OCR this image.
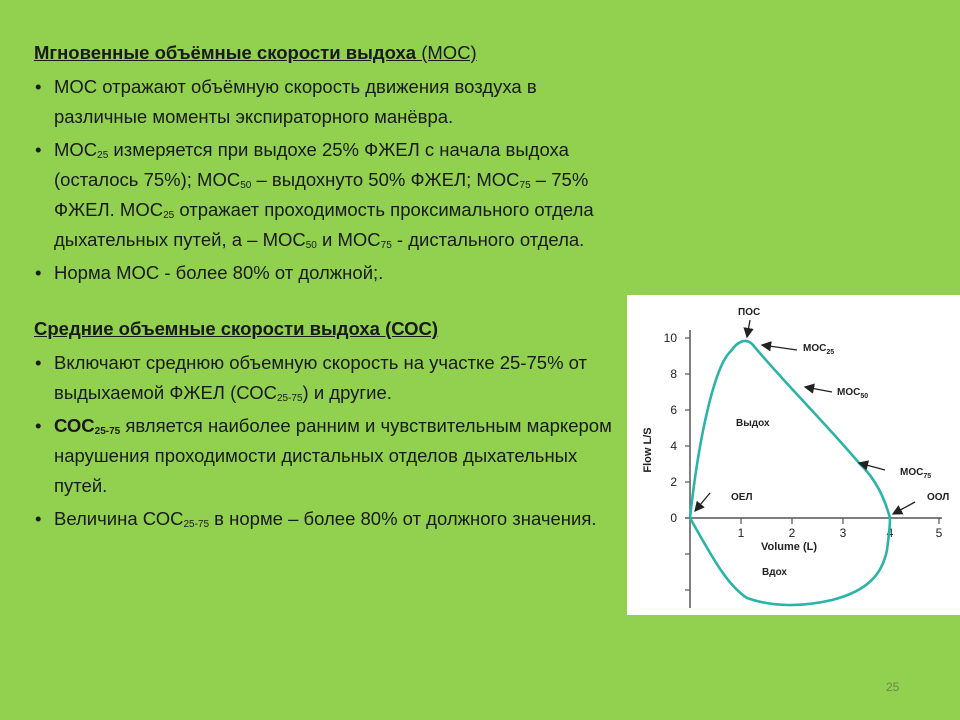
Мгновенные объёмные скорости выдоха (МОС)
• МОС отражают объёмную скорость движения воздуха в различные моменты экспираторного манёвра.
• $МОС_{25}$ измеряется при выдохе 25% ФЖЕЛ с начала выдоха (осталось 75%); $МОС_{50}$ – выдохнуто 50% ФЖЕЛ; $МОС_{75} - 75\%$ ФЖЕЛ. $МОС_{25}$ отражает проходимость проксимального отдела дыхательных путей, а – $МОС_{50}$ и $МОС_{75}$ - дистального отдела.
• Норма МОС - более 80% от должной;.
Средние объемные скорости выдоха (СОС)
• Включают среднюю объемную скорость на участке 25-75% от выдыхаемой ФЖЕЛ $(СОС_{25-75})$ и другие.
• $СОС_{25-75}$ является наиболее ранним и чувствительным маркером нарушения проходимости дистальных отделов дыхательных путей.
• Величина $СОС_{25-75}$ в норме – более 80% от должного значения.
10
8
6
4
2
0
1	2	3	4	5
Volume (L)
Flow L/S
ПОС
$МОС_{25}$
$МОС_{50}$
$МОС_{75}$
Выдох
ОЕЛ	ООЛ
Вдох
25
